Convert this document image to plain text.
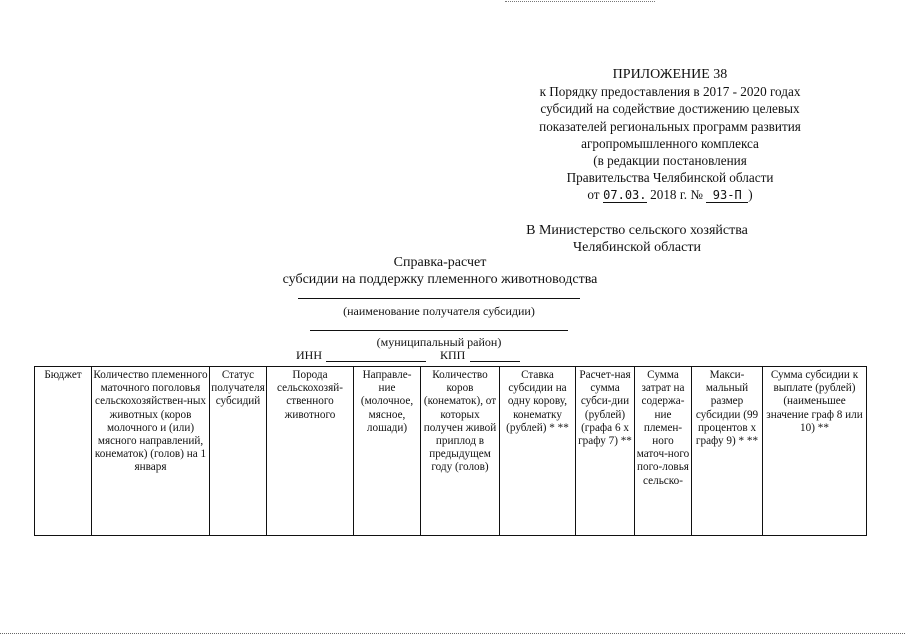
ПРИЛОЖЕНИЕ 38
к Порядку предоставления в 2017 - 2020 годах
субсидий на содействие достижению целевых
показателей региональных программ развития
агропромышленного комплекса
(в редакции постановления
Правительства Челябинской области
от 07.03. 2018 г. № 93-П )
В Министерство сельского хозяйства
Челябинской области
Справка-расчет
субсидии на поддержку племенного животноводства
(наименование получателя субсидии)
(муниципальный район)
ИНН	КПП
Бюджет	Количество племенного маточного поголовья сельскохозяйствен-ных животных (коров молочного и (или) мясного направлений, конематок) (голов) на 1 января	Статус получателя субсидий	Порода сельскохозяй-ственного животного	Направле-ние (молочное, мясное, лошади)	Количество коров (конематок), от которых получен живой приплод в предыдущем году (голов)	Ставка субсидии на одну корову, конематку (рублей) * **	Расчет-ная сумма субси-дии (рублей) (графа 6 x графу 7) **	Сумма затрат на содержа-ние племен-ного маточ-ного пого-ловья сельско-	Макси-мальный размер субсидии (99 процентов x графу 9) * **	Сумма субсидии к выплате (рублей) (наименьшее значение граф 8 или 10) **
